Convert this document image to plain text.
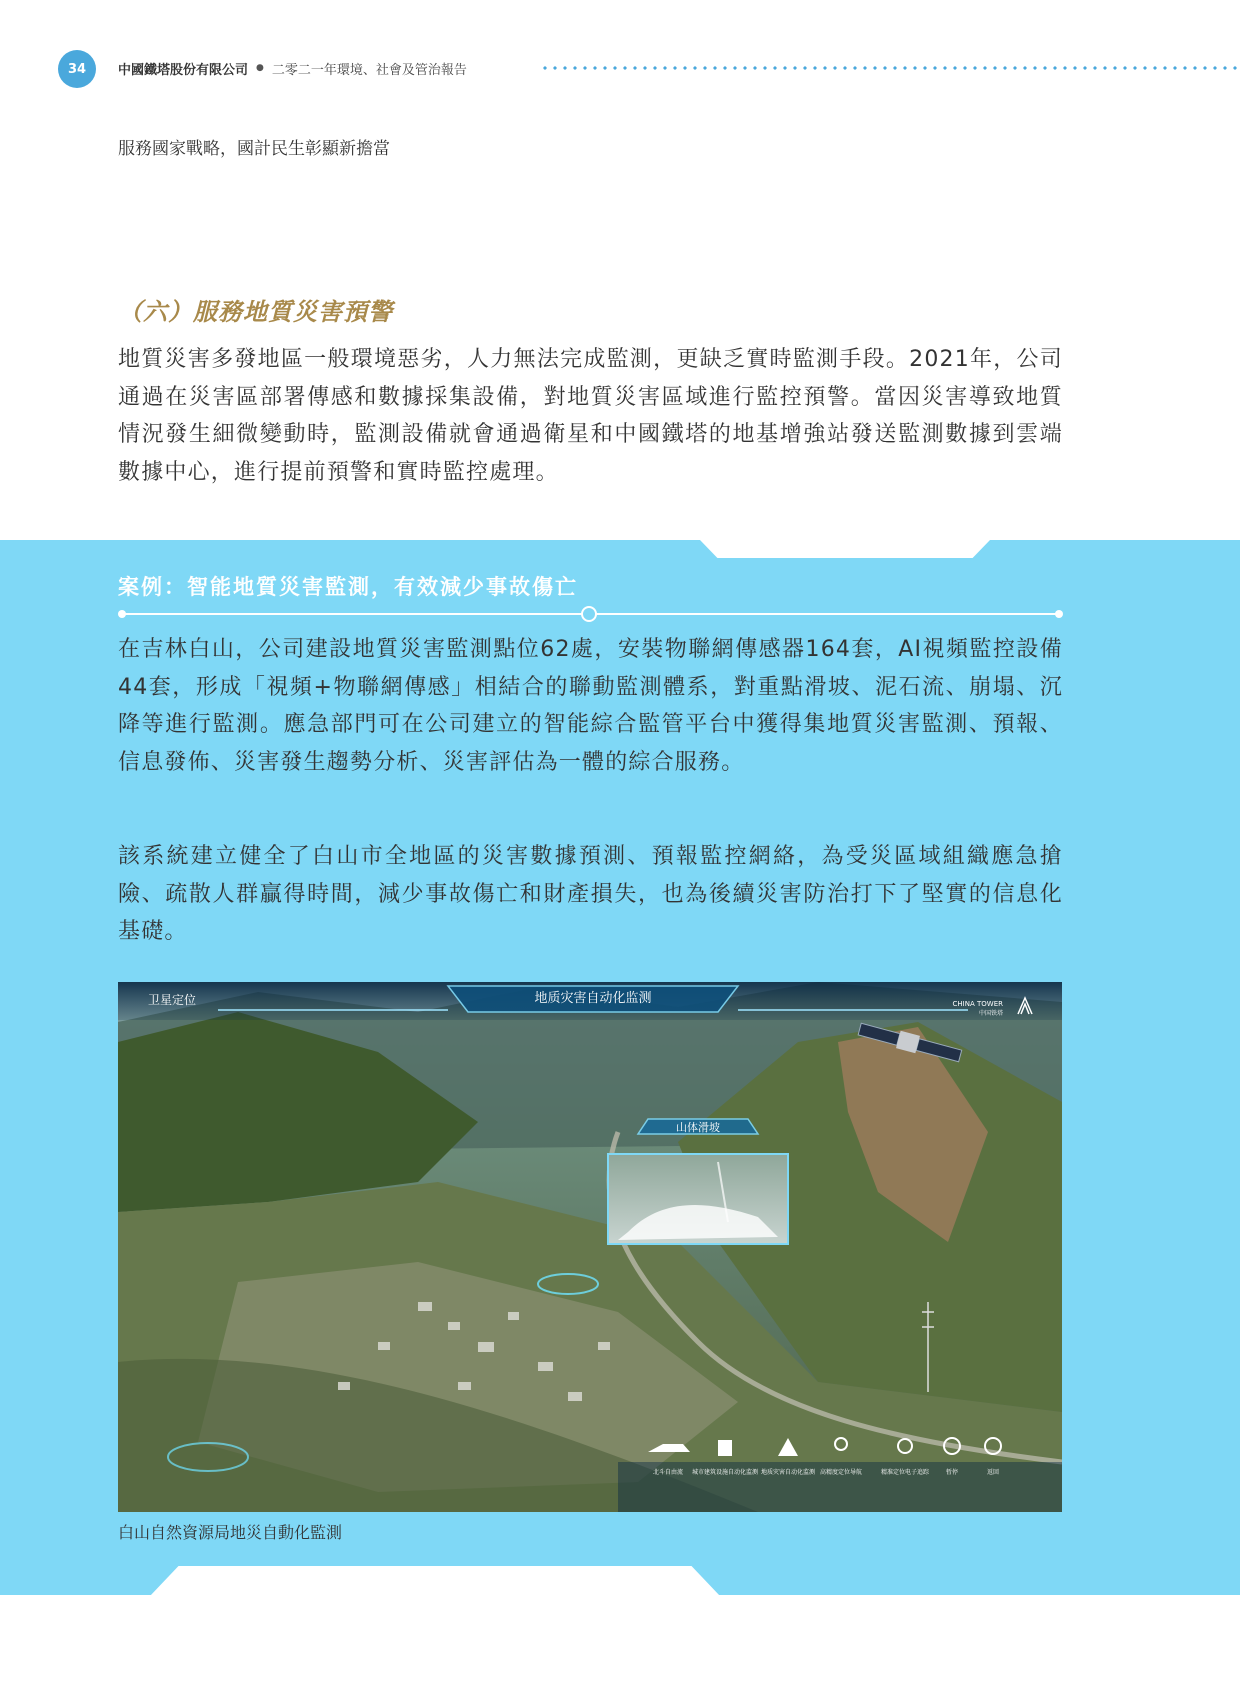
34	中國鐵塔股份有限公司 ● 二零二一年環境、社會及管治報告
服務國家戰略，國計民生彰顯新擔當
（六）服務地質災害預警

地質災害多發地區一般環境惡劣，人力無法完成監測，更缺乏實時監測手段。2021年，公司通過在災害區部署傳感和數據採集設備，對地質災害區域進行監控預警。當因災害導致地質情況發生細微變動時，監測設備就會通過衛星和中國鐵塔的地基增強站發送監測數據到雲端數據中心，進行提前預警和實時監控處理。

案例：智能地質災害監測，有效減少事故傷亡

在吉林白山，公司建設地質災害監測點位62處，安裝物聯網傳感器164套，AI視頻監控設備44套，形成「視頻+物聯網傳感」相結合的聯動監測體系，對重點滑坡、泥石流、崩塌、沉降等進行監測。應急部門可在公司建立的智能綜合監管平台中獲得集地質災害監測、預報、信息發佈、災害發生趨勢分析、災害評估為一體的綜合服務。

該系統建立健全了白山市全地區的災害數據預測、預報監控網絡，為受災區域組織應急搶險、疏散人群贏得時間，減少事故傷亡和財產損失，也為後續災害防治打下了堅實的信息化基礎。

卫星定位	地质灾害自动化监测	CHINA TOWER
中国铁塔
山体滑坡
北斗自由流 城市建筑设施自动化监测 地质灾害自动化监测 高精度定位导航	精准定位电子追踪	暂停	返回
白山自然資源局地災自動化監測
